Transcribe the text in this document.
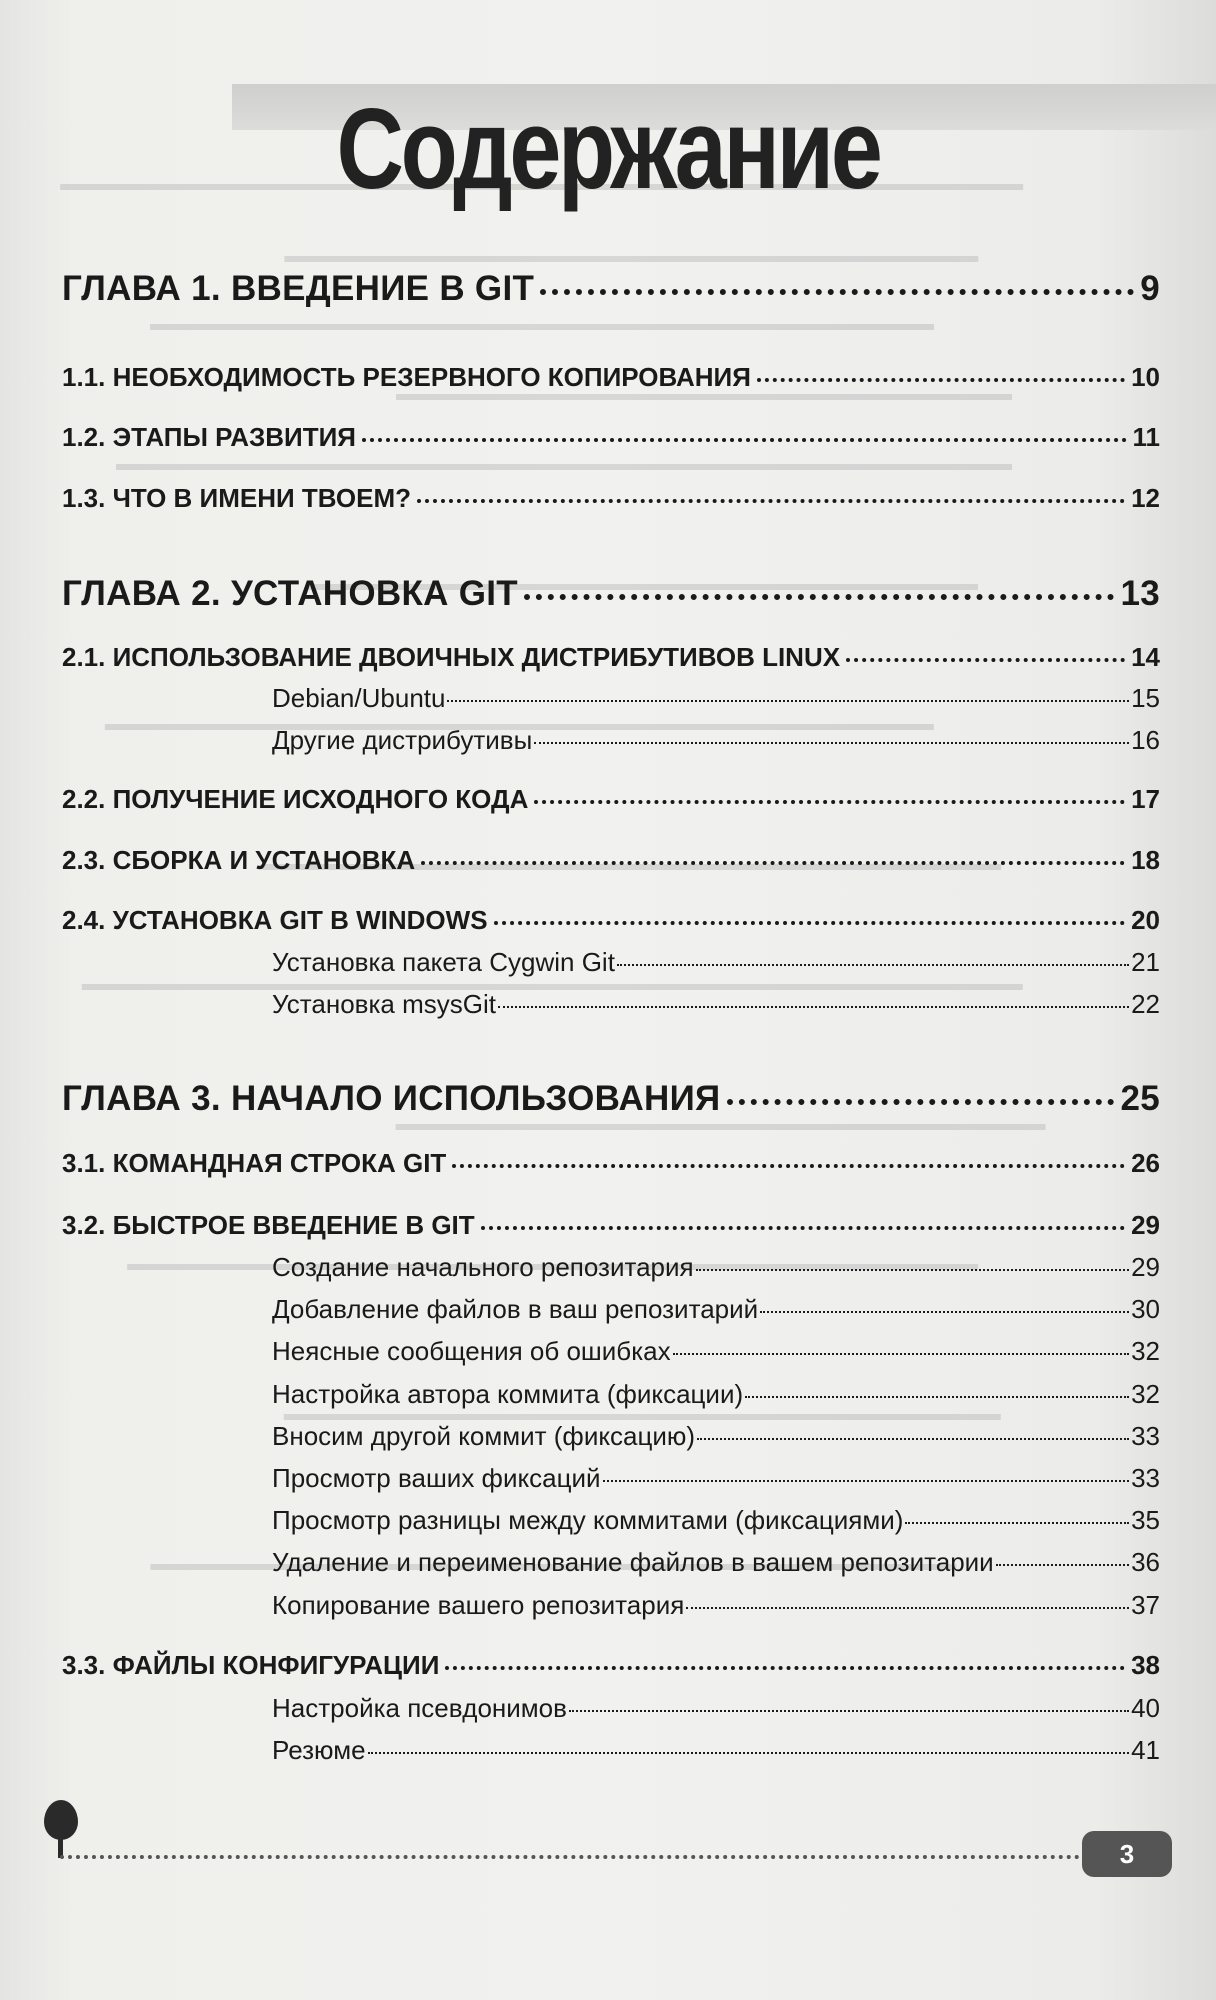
Содержание
ГЛАВА 1. ВВЕДЕНИЕ В GIT	9
1.1. НЕОБХОДИМОСТЬ РЕЗЕРВНОГО КОПИРОВАНИЯ	10
1.2. ЭТАПЫ РАЗВИТИЯ	11
1.3. ЧТО В ИМЕНИ ТВОЕМ?	12
ГЛАВА 2. УСТАНОВКА GIT	13
2.1. ИСПОЛЬЗОВАНИЕ ДВОИЧНЫХ ДИСТРИБУТИВОВ LINUX	14
Debian/Ubuntu	15
Другие дистрибутивы	16
2.2. ПОЛУЧЕНИЕ ИСХОДНОГО КОДА	17
2.3. СБОРКА И УСТАНОВКА	18
2.4. УСТАНОВКА GIT В WINDOWS	20
Установка пакета Cygwin Git	21
Установка msysGit	22
ГЛАВА 3. НАЧАЛО ИСПОЛЬЗОВАНИЯ	25
3.1. КОМАНДНАЯ СТРОКА GIT	26
3.2. БЫСТРОЕ ВВЕДЕНИЕ В GIT	29
Создание начального репозитария	29
Добавление файлов в ваш репозитарий	30
Неясные сообщения об ошибках	32
Настройка автора коммита (фиксации)	32
Вносим другой коммит (фиксацию)	33
Просмотр ваших фиксаций	33
Просмотр разницы между коммитами (фиксациями)	35
Удаление и переименование файлов в вашем репозитарии	36
Копирование вашего репозитария	37
3.3. ФАЙЛЫ КОНФИГУРАЦИИ	38
Настройка псевдонимов	40
Резюме	41
3
